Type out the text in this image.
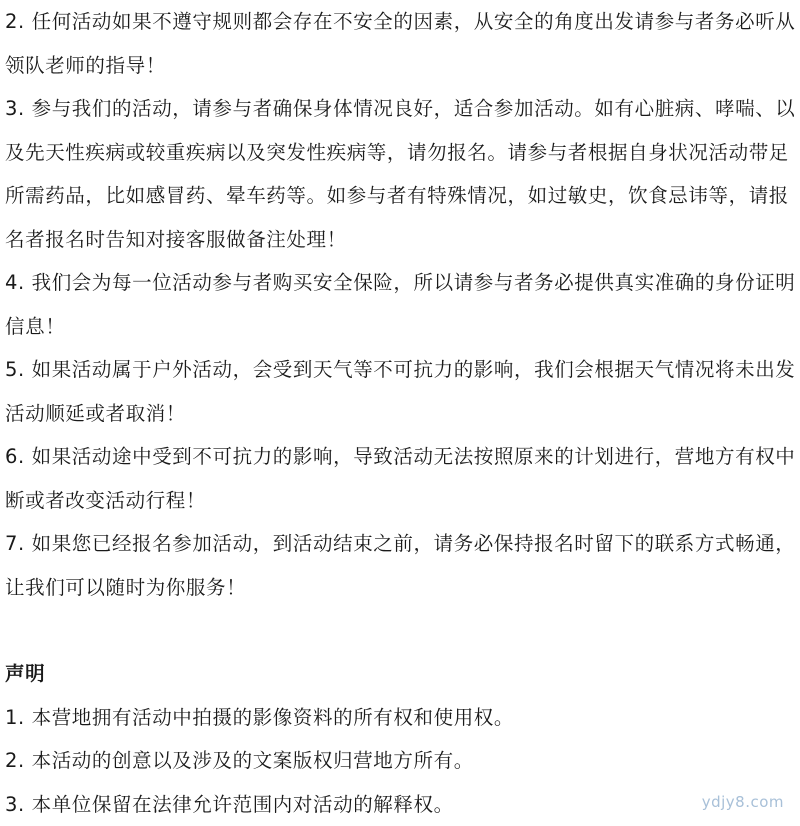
2. 任何活动如果不遵守规则都会存在不安全的因素，从安全的角度出发请参与者务必听从领队老师的指导！

3. 参与我们的活动，请参与者确保身体情况良好，适合参加活动。如有心脏病、哮喘、以及先天性疾病或较重疾病以及突发性疾病等，请勿报名。请参与者根据自身状况活动带足所需药品，比如感冒药、晕车药等。如参与者有特殊情况，如过敏史，饮食忌讳等，请报名者报名时告知对接客服做备注处理！

4. 我们会为每一位活动参与者购买安全保险，所以请参与者务必提供真实准确的身份证明信息！

5. 如果活动属于户外活动，会受到天气等不可抗力的影响，我们会根据天气情况将未出发活动顺延或者取消！

6. 如果活动途中受到不可抗力的影响，导致活动无法按照原来的计划进行，营地方有权中断或者改变活动行程！

7. 如果您已经报名参加活动，到活动结束之前，请务必保持报名时留下的联系方式畅通，让我们可以随时为你服务！

声明

1. 本营地拥有活动中拍摄的影像资料的所有权和使用权。

2. 本活动的创意以及涉及的文案版权归营地方所有。

3. 本单位保留在法律允许范围内对活动的解释权。	ydjy8.com
